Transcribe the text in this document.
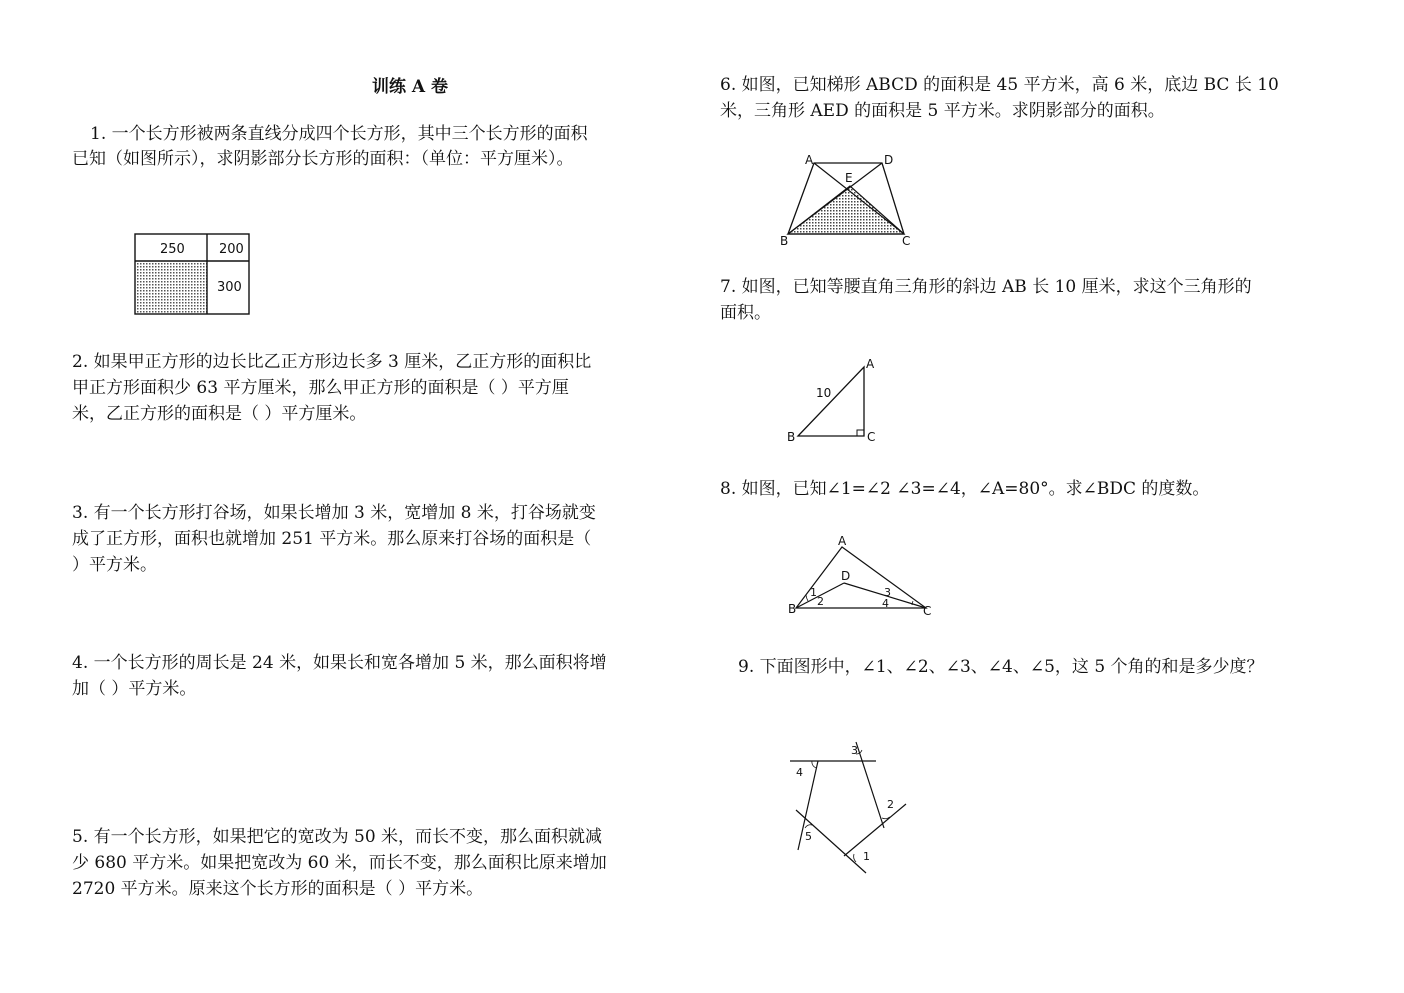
训练 A 卷
1. 一个长方形被两条直线分成四个长方形，其中三个长方形的面积
已知（如图所示），求阴影部分长方形的面积：（单位：平方厘米）。
250	200
300
2. 如果甲正方形的边长比乙正方形边长多 3 厘米，乙正方形的面积比
甲正方形面积少 63 平方厘米，那么甲正方形的面积是（ ）平方厘
米，乙正方形的面积是（ ）平方厘米。
3. 有一个长方形打谷场，如果长增加 3 米，宽增加 8 米，打谷场就变
成了正方形，面积也就增加 251 平方米。那么原来打谷场的面积是（
）平方米。
4. 一个长方形的周长是 24 米，如果长和宽各增加 5 米，那么面积将增
加（ ）平方米。
5. 有一个长方形，如果把它的宽改为 50 米，而长不变，那么面积就减
少 680 平方米。如果把宽改为 60 米，而长不变，那么面积比原来增加
2720 平方米。原来这个长方形的面积是（ ）平方米。
6. 如图，已知梯形 ABCD 的面积是 45 平方米，高 6 米，底边 BC 长 10
米，三角形 AED 的面积是 5 平方米。求阴影部分的面积。
A	D
E
B	C
7. 如图，已知等腰直角三角形的斜边 AB 长 10 厘米，求这个三角形的
面积。
A
10
B	C
8. 如图，已知∠1=∠2 ∠3=∠4，∠A=80°。求∠BDC 的度数。
A
D
B	C
1
2
3
4
9. 下面图形中，∠1、∠2、∠3、∠4、∠5，这 5 个角的和是多少度？
3
4
2
5
1
